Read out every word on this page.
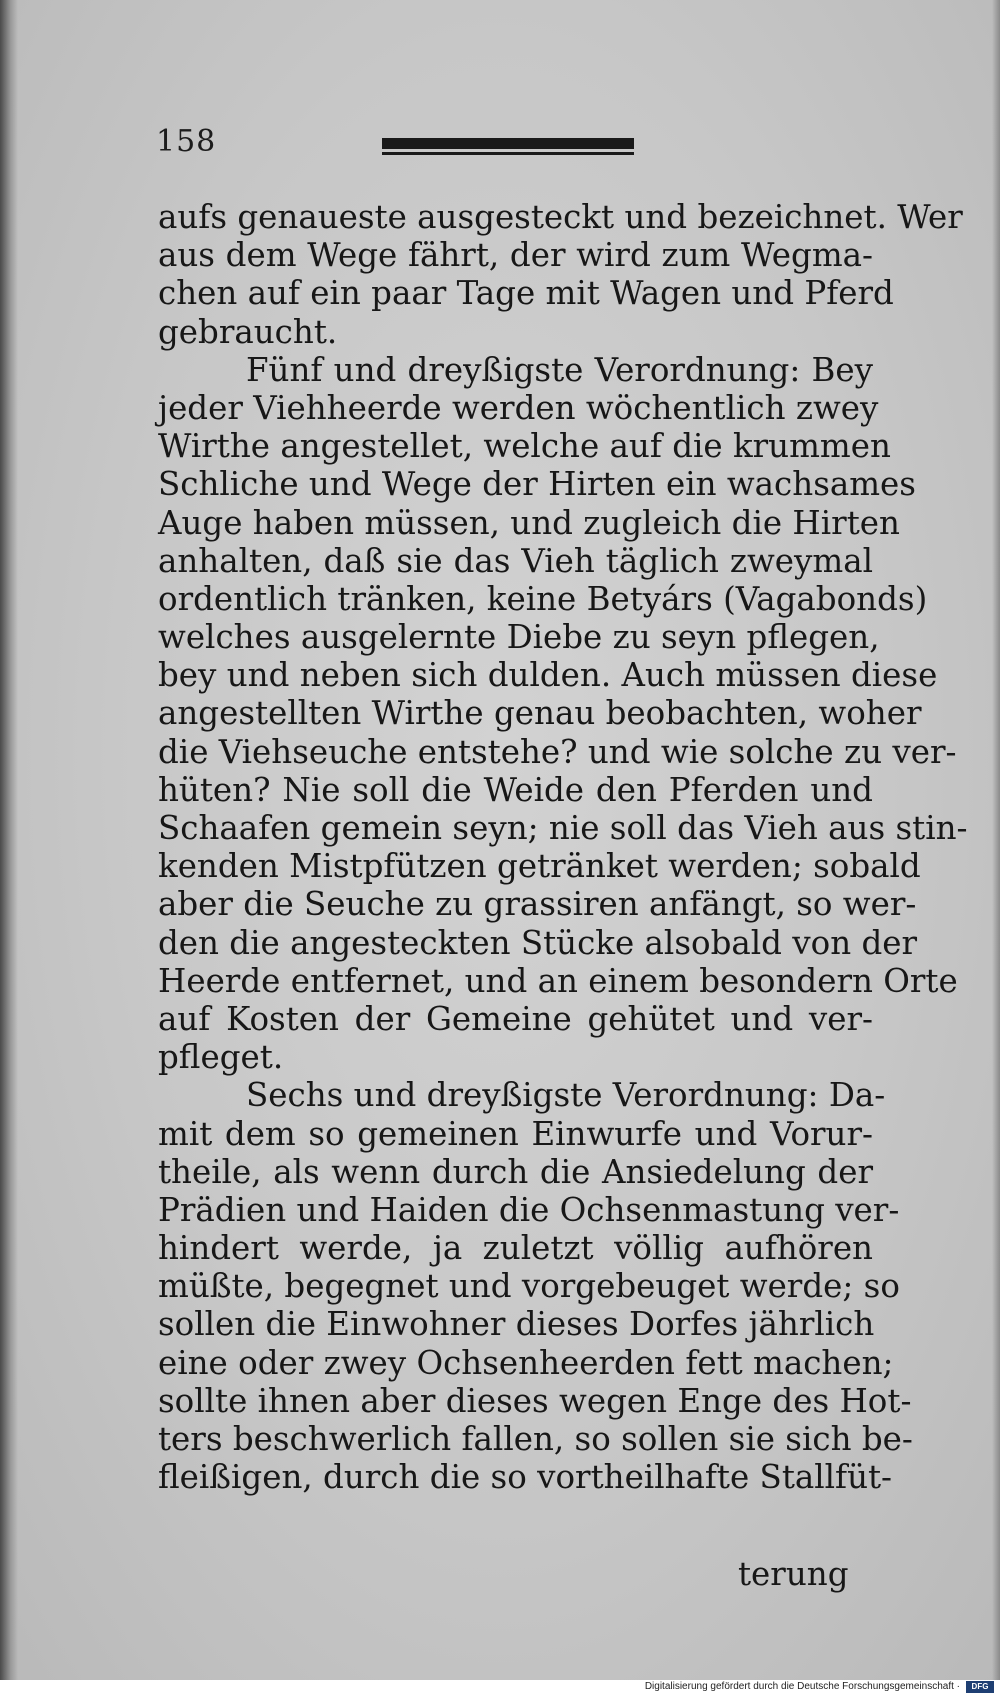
158
aufs genaueste ausgesteckt und bezeichnet. Wer
aus dem Wege fährt, der wird zum Wegma-
chen auf ein paar Tage mit Wagen und Pferd
gebraucht.
Fünf und dreyßigste Verordnung: Bey
jeder Viehheerde werden wöchentlich zwey
Wirthe angestellet, welche auf die krummen
Schliche und Wege der Hirten ein wachsames
Auge haben müssen, und zugleich die Hirten
anhalten, daß sie das Vieh täglich zweymal
ordentlich tränken, keine Betyárs (Vagabonds)
welches ausgelernte Diebe zu seyn pflegen,
bey und neben sich dulden. Auch müssen diese
angestellten Wirthe genau beobachten, woher
die Viehseuche entstehe? und wie solche zu ver-
hüten? Nie soll die Weide den Pferden und
Schaafen gemein seyn; nie soll das Vieh aus stin-
kenden Mistpfützen getränket werden; sobald
aber die Seuche zu grassiren anfängt, so wer-
den die angesteckten Stücke alsobald von der
Heerde entfernet, und an einem besondern Orte
auf Kosten der Gemeine gehütet und ver-
pfleget.
Sechs und dreyßigste Verordnung: Da-
mit dem so gemeinen Einwurfe und Vorur-
theile, als wenn durch die Ansiedelung der
Prädien und Haiden die Ochsenmastung ver-
hindert werde, ja zuletzt völlig aufhören
müßte, begegnet und vorgebeuget werde; so
sollen die Einwohner dieses Dorfes jährlich
eine oder zwey Ochsenheerden fett machen;
sollte ihnen aber dieses wegen Enge des Hot-
ters beschwerlich fallen, so sollen sie sich be-
fleißigen, durch die so vortheilhafte Stallfüt-
terung
Digitalisierung gefördert durch die Deutsche Forschungsgemeinschaft ·	DFG
